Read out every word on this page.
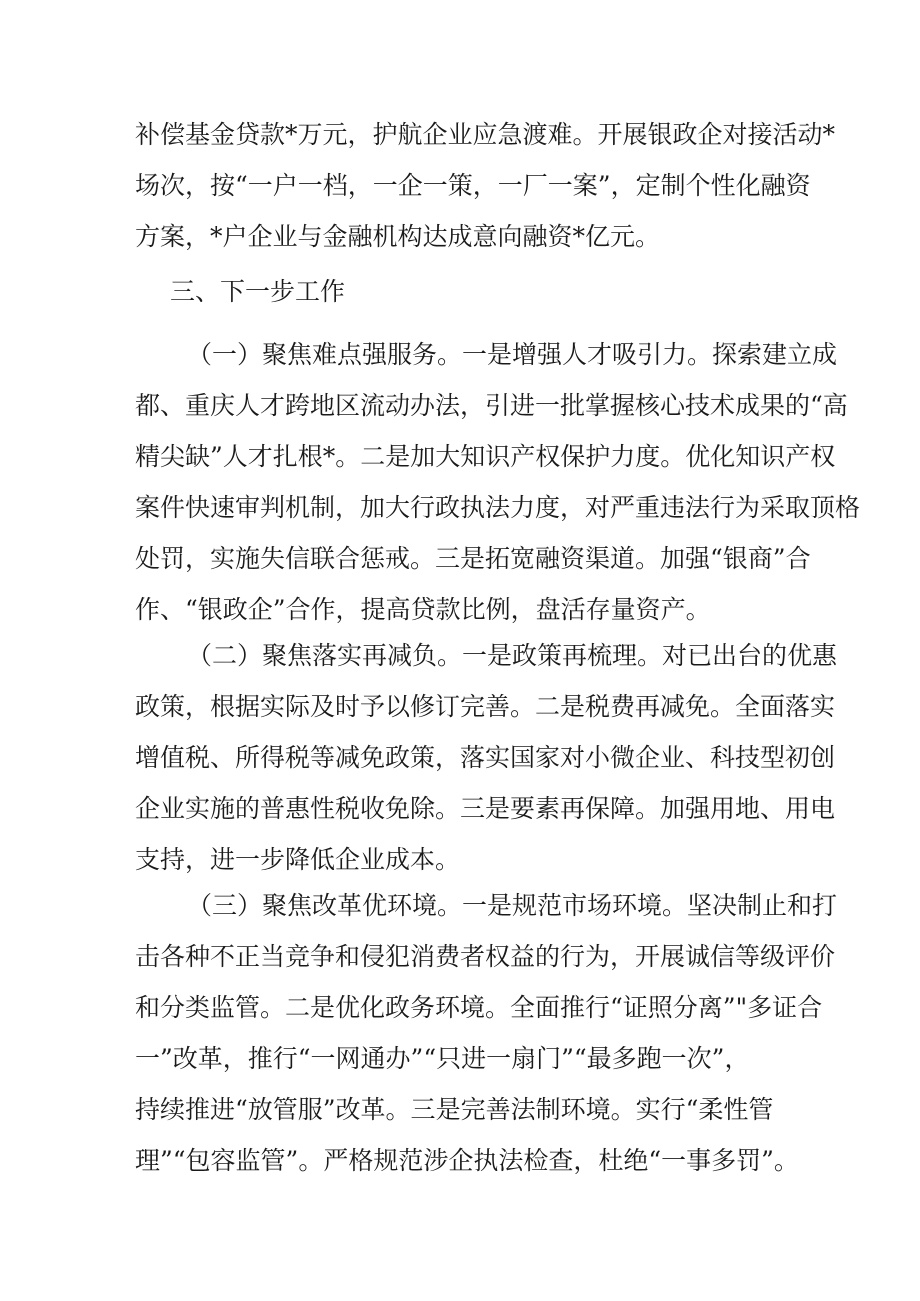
补偿基金贷款*万元，护航企业应急渡难。开展银政企对接活动*
场次，按“一户一档，一企一策，一厂一案”，定制个性化融资
方案，*户企业与金融机构达成意向融资*亿元。

三、下一步工作

（一）聚焦难点强服务。一是增强人才吸引力。探索建立成
都、重庆人才跨地区流动办法，引进一批掌握核心技术成果的“高
精尖缺”人才扎根*。二是加大知识产权保护力度。优化知识产权
案件快速审判机制，加大行政执法力度，对严重违法行为采取顶格
处罚，实施失信联合惩戒。三是拓宽融资渠道。加强“银商”合
作、“银政企”合作，提高贷款比例，盘活存量资产。

（二）聚焦落实再减负。一是政策再梳理。对已出台的优惠
政策，根据实际及时予以修订完善。二是税费再减免。全面落实
增值税、所得税等减免政策，落实国家对小微企业、科技型初创
企业实施的普惠性税收免除。三是要素再保障。加强用地、用电
支持，进一步降低企业成本。

（三）聚焦改革优环境。一是规范市场环境。坚决制止和打
击各种不正当竞争和侵犯消费者权益的行为，开展诚信等级评价
和分类监管。二是优化政务环境。全面推行“证照分离”"多证合
一”改革，推行“一网通办”“只进一扇门”“最多跑一次”，
持续推进“放管服”改革。三是完善法制环境。实行“柔性管
理”“包容监管”。严格规范涉企执法检查，杜绝“一事多罚”。
